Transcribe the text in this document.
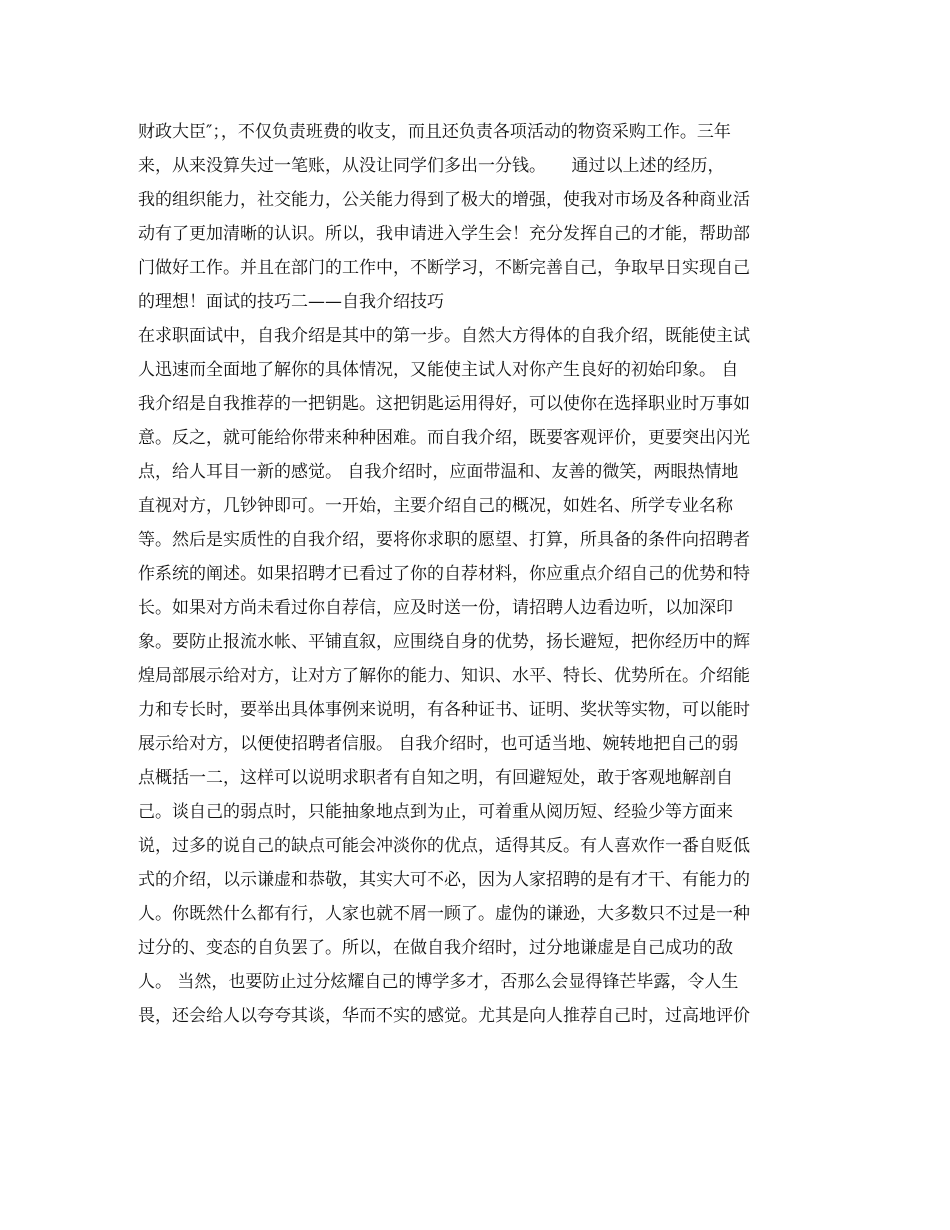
财政大臣″；，不仅负责班费的收支，而且还负责各项活动的物资采购工作。三年
来，从来没算失过一笔账，从没让同学们多出一分钱。　　通过以上述的经历，
我的组织能力，社交能力，公关能力得到了极大的增强，使我对市场及各种商业活
动有了更加清晰的认识。所以，我申请进入学生会！充分发挥自己的才能，帮助部
门做好工作。并且在部门的工作中，不断学习，不断完善自己，争取早日实现自己
的理想！面试的技巧二——自我介绍技巧
在求职面试中，自我介绍是其中的第一步。自然大方得体的自我介绍，既能使主试
人迅速而全面地了解你的具体情况，又能使主试人对你产生良好的初始印象。 自
我介绍是自我推荐的一把钥匙。这把钥匙运用得好，可以使你在选择职业时万事如
意。反之，就可能给你带来种种困难。而自我介绍，既要客观评价，更要突出闪光
点，给人耳目一新的感觉。 自我介绍时，应面带温和、友善的微笑，两眼热情地
直视对方，几钞钟即可。一开始，主要介绍自己的概况，如姓名、所学专业名称
等。然后是实质性的自我介绍，要将你求职的愿望、打算，所具备的条件向招聘者
作系统的阐述。如果招聘才已看过了你的自荐材料，你应重点介绍自己的优势和特
长。如果对方尚未看过你自荐信，应及时送一份，请招聘人边看边听，以加深印
象。要防止报流水帐、平铺直叙，应围绕自身的优势，扬长避短，把你经历中的辉
煌局部展示给对方，让对方了解你的能力、知识、水平、特长、优势所在。介绍能
力和专长时，要举出具体事例来说明，有各种证书、证明、奖状等实物，可以能时
展示给对方，以便使招聘者信服。 自我介绍时，也可适当地、婉转地把自己的弱
点概括一二，这样可以说明求职者有自知之明，有回避短处，敢于客观地解剖自
己。谈自己的弱点时，只能抽象地点到为止，可着重从阅历短、经验少等方面来
说，过多的说自己的缺点可能会冲淡你的优点，适得其反。有人喜欢作一番自贬低
式的介绍，以示谦虚和恭敬，其实大可不必，因为人家招聘的是有才干、有能力的
人。你既然什么都有行，人家也就不屑一顾了。虚伪的谦逊，大多数只不过是一种
过分的、变态的自负罢了。所以，在做自我介绍时，过分地谦虚是自己成功的敌
人。 当然，也要防止过分炫耀自己的博学多才，否那么会显得锋芒毕露，令人生
畏，还会给人以夸夸其谈，华而不实的感觉。尤其是向人推荐自己时，过高地评价
